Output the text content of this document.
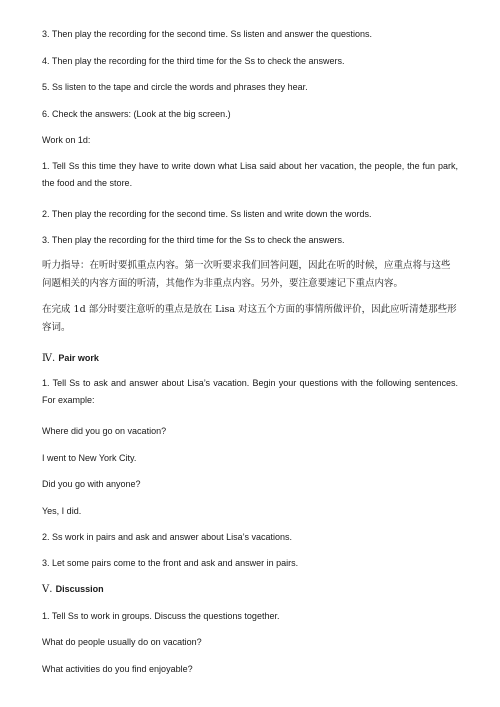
3. Then play the recording for the second time. Ss listen and answer the questions.
4. Then play the recording for the third time for the Ss to check the answers.
5. Ss listen to the tape and circle the words and phrases they hear.
6. Check the answers: (Look at the big screen.)
Work on 1d:
1. Tell Ss this time they have to write down what Lisa said about her vacation, the people, the fun park, the food and the store.
2. Then play the recording for the second time. Ss listen and write down the words.
3. Then play the recording for the third time for the Ss to check the answers.
听力指导：在听时要抓重点内容。第一次听要求我们回答问题，因此在听的时候，应重点将与这些问题相关的内容方面的听清，其他作为非重点内容。另外，要注意要速记下重点内容。
在完成 1d 部分时要注意听的重点是放在 Lisa 对这五个方面的事情所做评价，因此应听清楚那些形容词。
Ⅳ. Pair work
1. Tell Ss to ask and answer about Lisa’s vacation. Begin your questions with the following sentences. For example:
Where did you go on vacation?
I went to New York City.
Did you go with anyone?
Yes, I did.
2. Ss work in pairs and ask and answer about Lisa’s vacations.
3. Let some pairs come to the front and ask and answer in pairs.
Ⅴ. Discussion
1. Tell Ss to work in groups. Discuss the questions together.
What do people usually do on vacation?
What activities do you find enjoyable?
